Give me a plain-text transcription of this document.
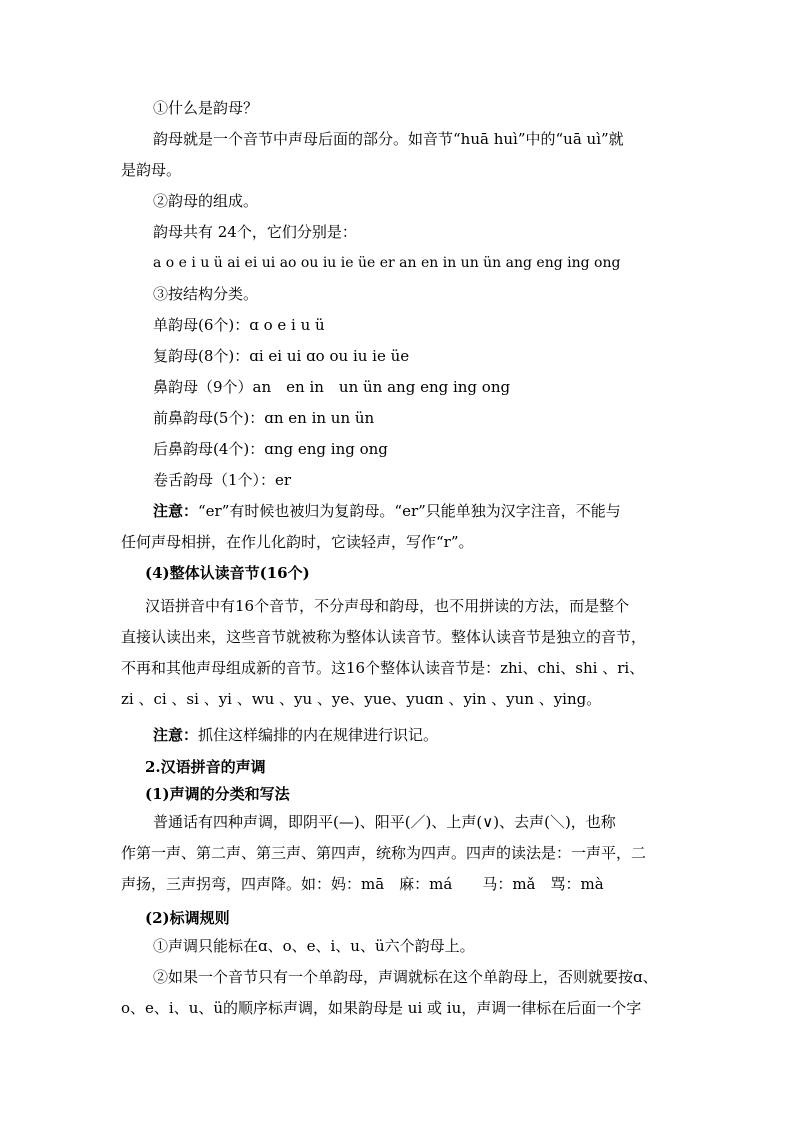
①什么是韵母？
韵母就是一个音节中声母后面的部分。如音节“huā huì”中的“uā uì”就
是韵母。
②韵母的组成。
韵母共有 24个，它们分别是：
a o e i u ü ai ei ui ao ou iu ie üe er an en in un ün ang eng ing ong
③按结构分类。
单韵母(6个)：ɑ o e i u ü
复韵母(8个)：ɑi ei ui ɑo ou iu ie üe
鼻韵母（9个）an　en in　un ün ang eng ing ong
前鼻韵母(5个)：ɑn en in un ün
后鼻韵母(4个)：ɑng eng ing ong
卷舌韵母（1个）：er
注意：“er”有时候也被归为复韵母。“er”只能单独为汉字注音，不能与
任何声母相拼，在作儿化韵时，它读轻声，写作“r”。
(4)整体认读音节(16个)
汉语拼音中有16个音节，不分声母和韵母，也不用拼读的方法，而是整个
直接认读出来，这些音节就被称为整体认读音节。整体认读音节是独立的音节，
不再和其他声母组成新的音节。这16个整体认读音节是：zhi、chi、shi 、ri、
zi 、ci 、si 、yi 、wu 、yu 、ye、yue、yuɑn 、yin 、yun 、ying。
注意：抓住这样编排的内在规律进行识记。
2.汉语拼音的声调
(1)声调的分类和写法
普通话有四种声调，即阴平(—)、阳平(／)、上声(∨)、去声(＼)，也称
作第一声、第二声、第三声、第四声，统称为四声。四声的读法是：一声平，二
声扬，三声拐弯，四声降。如：妈：mā　麻：má　　马：mǎ　骂：mà
(2)标调规则
①声调只能标在ɑ、o、e、i、u、ü六个韵母上。
②如果一个音节只有一个单韵母，声调就标在这个单韵母上，否则就要按ɑ、
o、e、i、u、ü的顺序标声调，如果韵母是 ui 或 iu，声调一律标在后面一个字
